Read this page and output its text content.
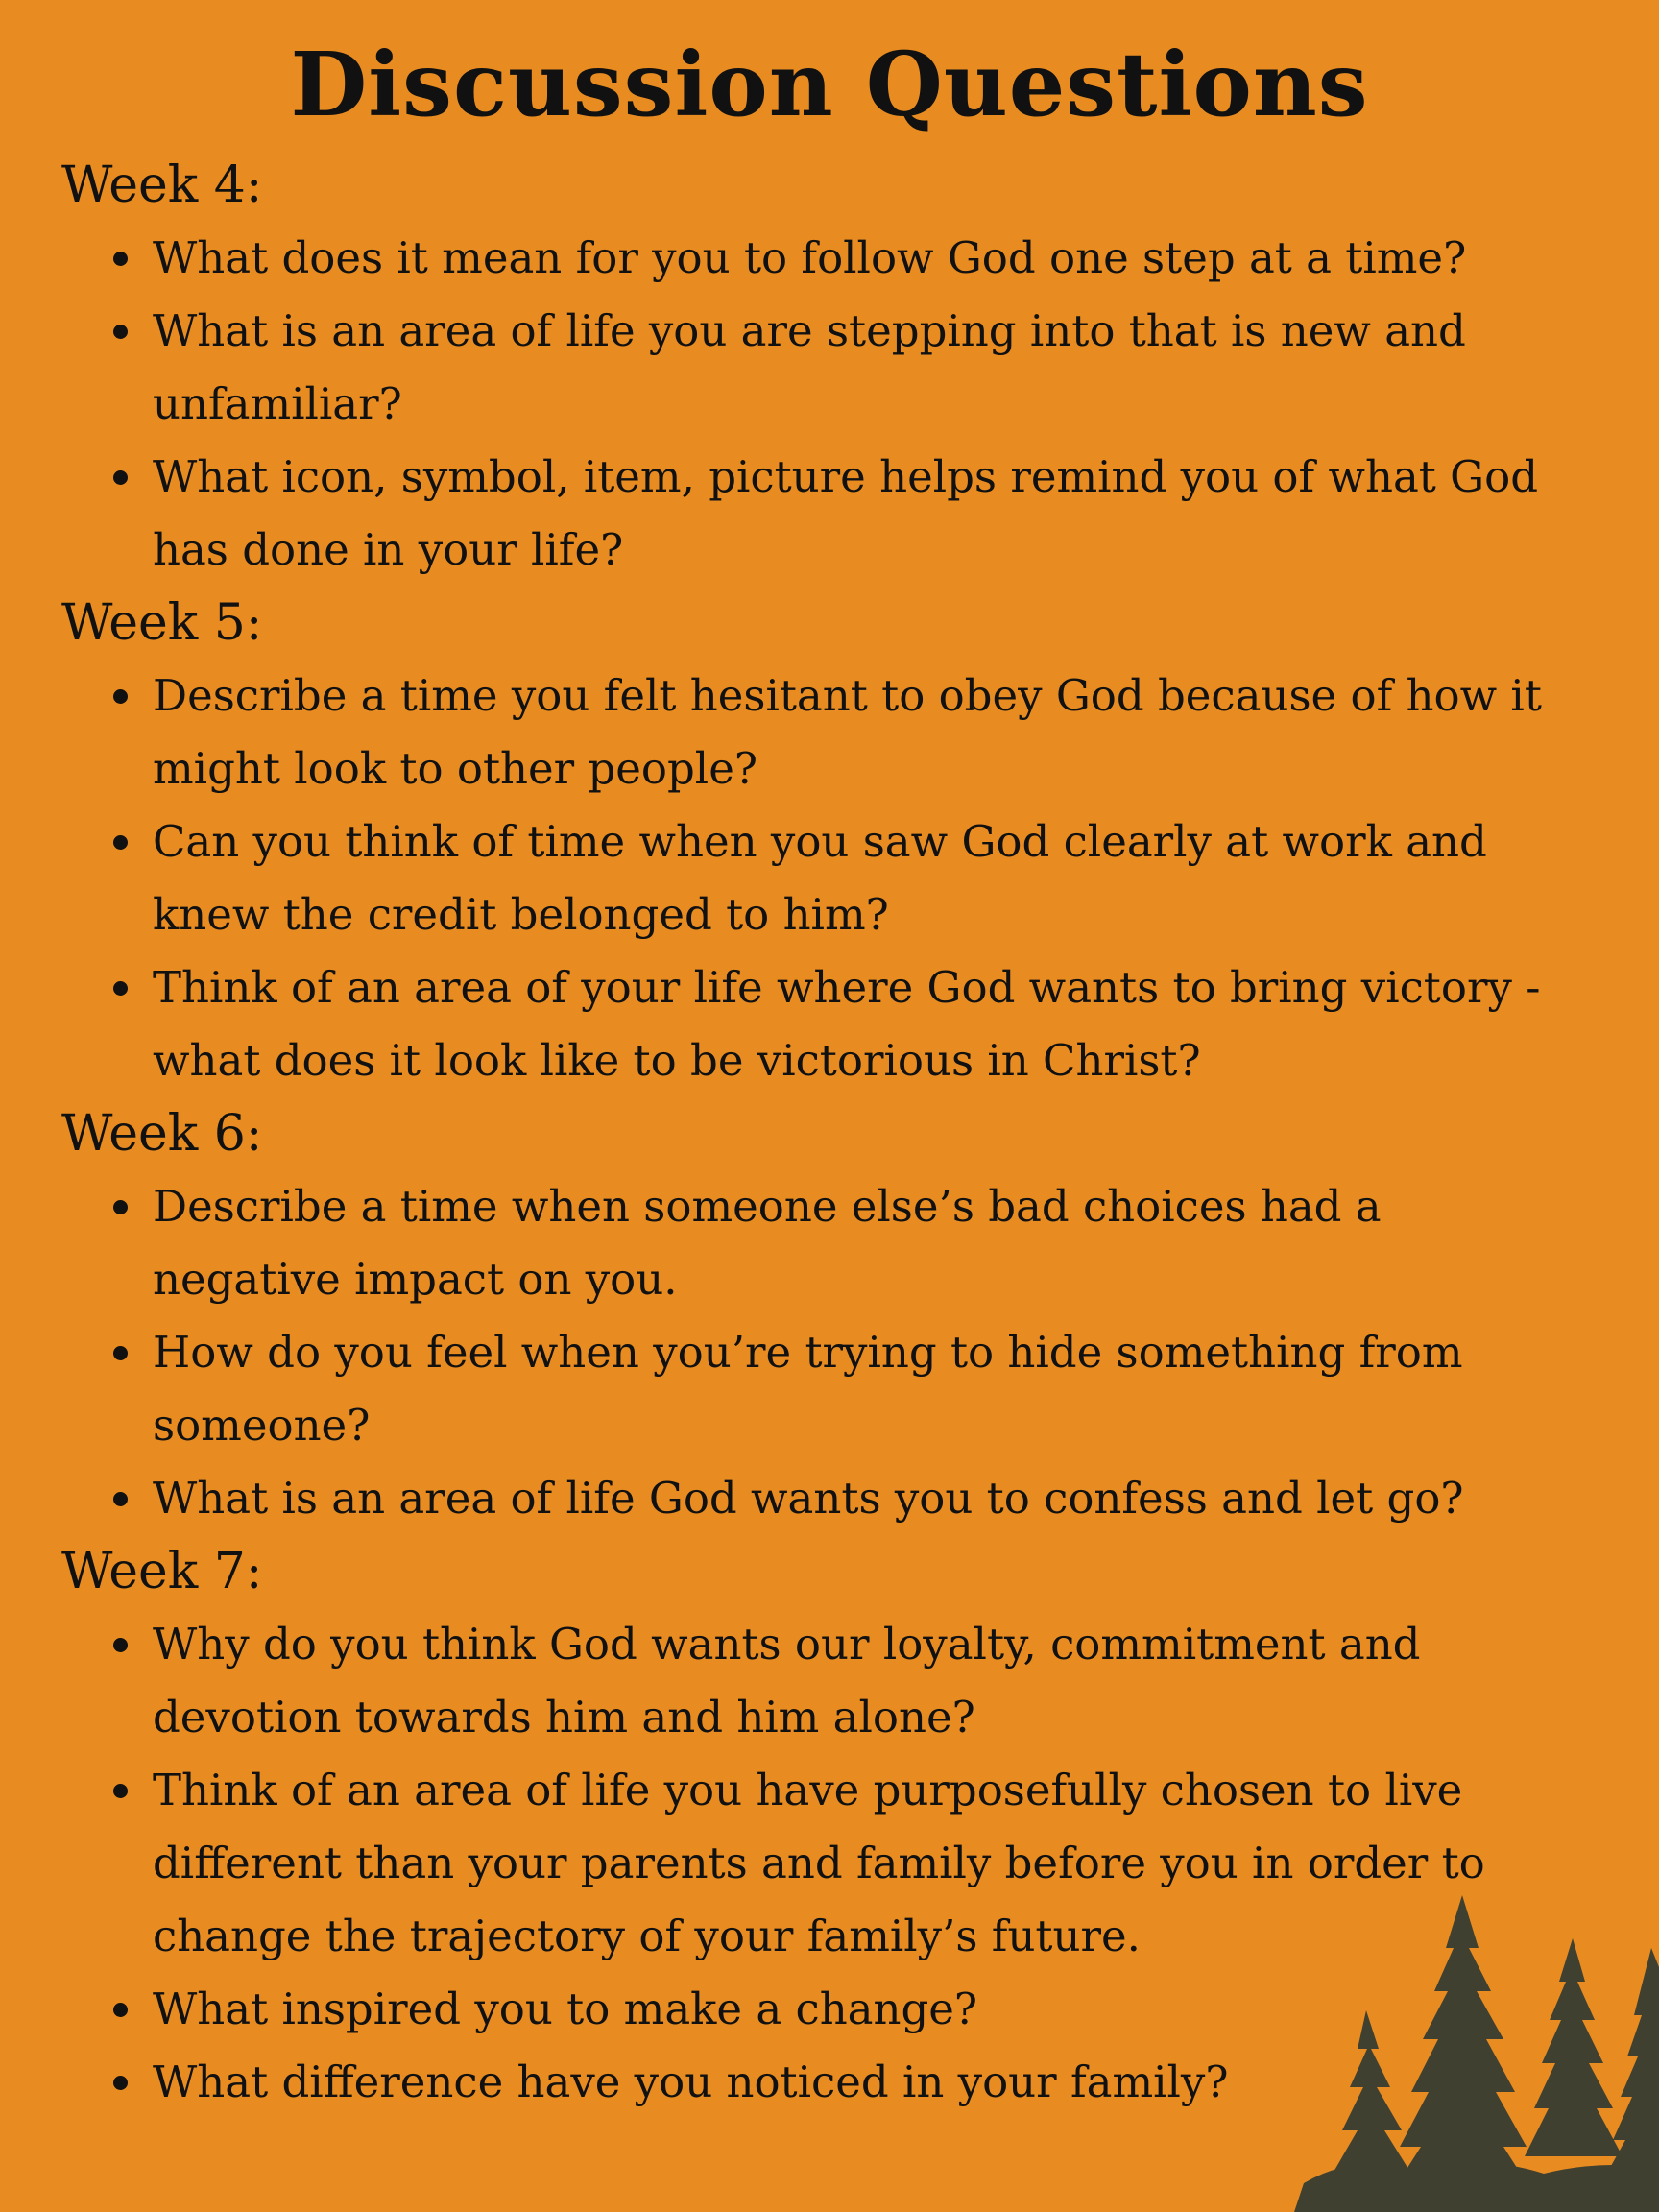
Discussion Questions
Week 4:
What does it mean for you to follow God one step at a time?
What is an area of life you are stepping into that is new and unfamiliar?
What icon, symbol, item, picture helps remind you of what God has done in your life?
Week 5:
Describe a time you felt hesitant to obey God because of how it might look to other people?
Can you think of time when you saw God clearly at work and knew the credit belonged to him?
Think of an area of your life where God wants to bring victory - what does it look like to be victorious in Christ?
Week 6:
Describe a time when someone else’s bad choices had a negative impact on you.
How do you feel when you’re trying to hide something from someone?
What is an area of life God wants you to confess and let go?
Week 7:
Why do you think God wants our loyalty, commitment and devotion towards him and him alone?
Think of an area of life you have purposefully chosen to live different than your parents and family before you in order to change the trajectory of your family’s future.
What inspired you to make a change?
What difference have you noticed in your family?
